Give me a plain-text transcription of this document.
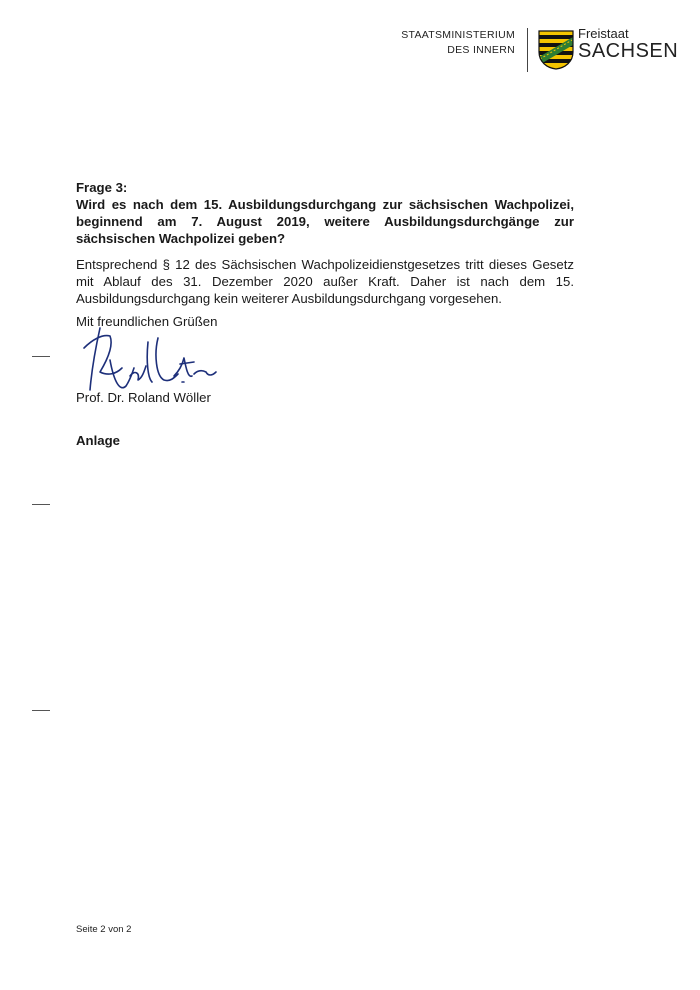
STAATSMINISTERIUM
DES INNERN
Freistaat
SACHSEN
Frage 3:
Wird es nach dem 15. Ausbildungsdurchgang zur sächsischen Wachpolizei, beginnend am 7. August 2019, weitere Ausbildungsdurchgänge zur sächsischen Wachpolizei geben?
Entsprechend § 12 des Sächsischen Wachpolizeidienstgesetzes tritt dieses Gesetz mit Ablauf des 31. Dezember 2020 außer Kraft. Daher ist nach dem 15. Ausbildungsdurchgang kein weiterer Ausbildungsdurchgang vorgesehen.
Mit freundlichen Grüßen
Prof. Dr. Roland Wöller
Anlage
Seite 2 von 2
